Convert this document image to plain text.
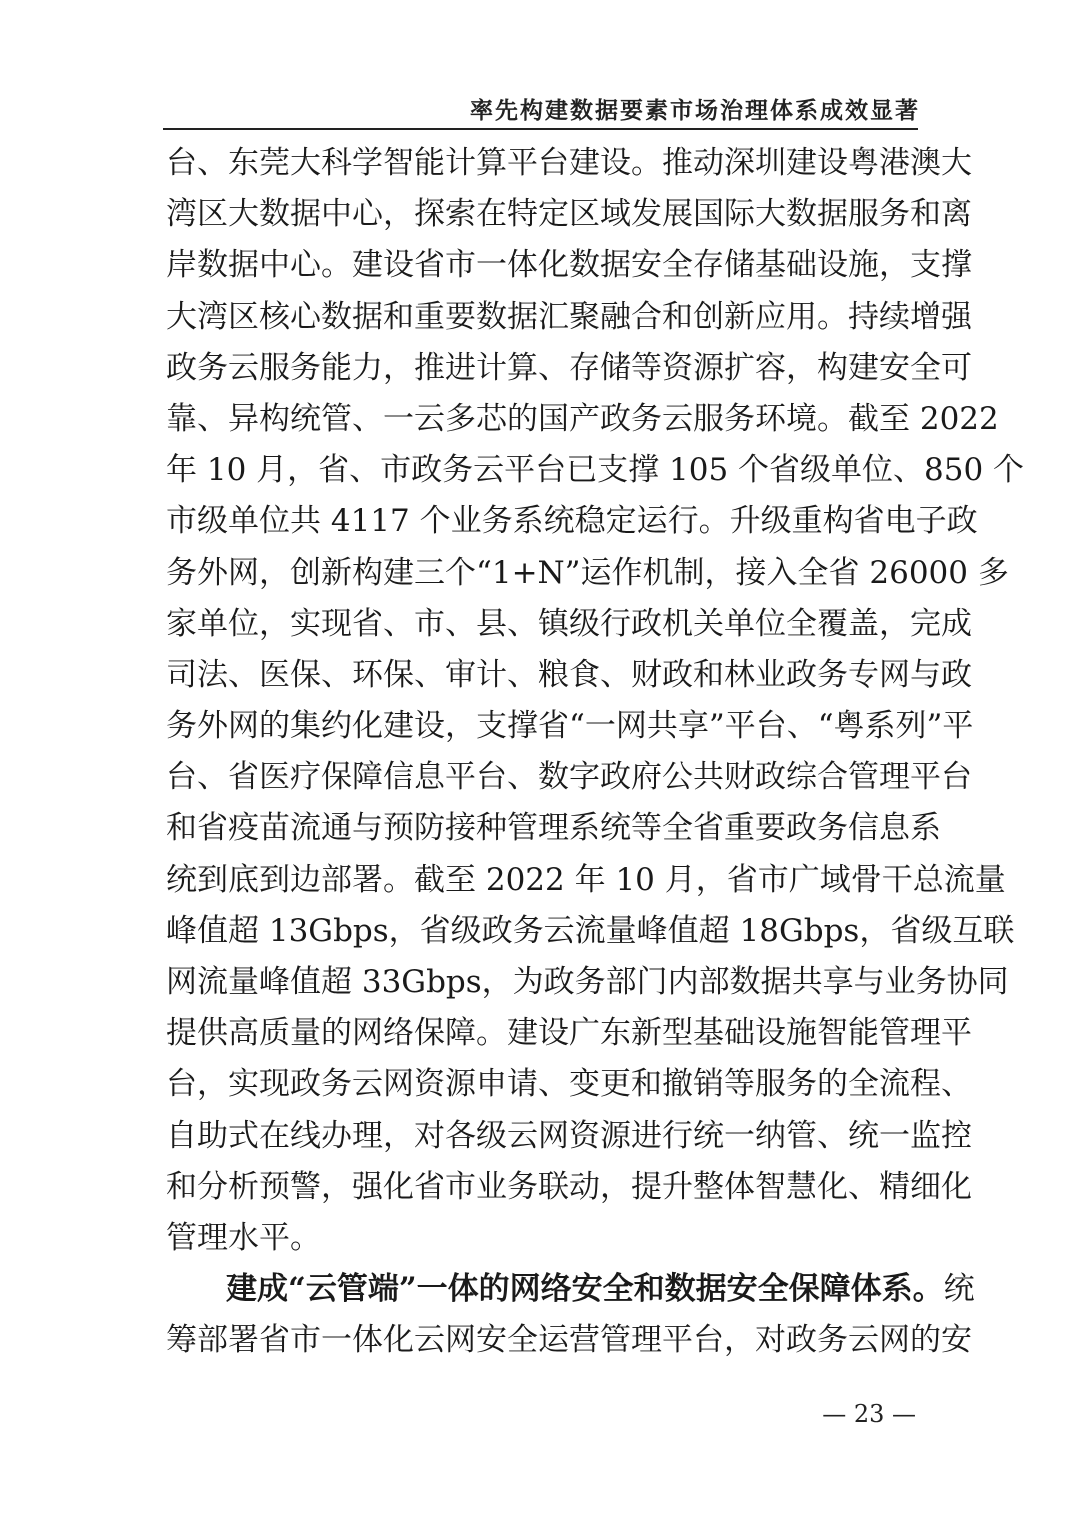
率先构建数据要素市场治理体系成效显著
台、东莞大科学智能计算平台建设。推动深圳建设粤港澳大
湾区大数据中心，探索在特定区域发展国际大数据服务和离
岸数据中心。建设省市一体化数据安全存储基础设施，支撑
大湾区核心数据和重要数据汇聚融合和创新应用。持续增强
政务云服务能力，推进计算、存储等资源扩容，构建安全可
靠、异构统管、一云多芯的国产政务云服务环境。截至 2022
年 10 月，省、市政务云平台已支撑 105 个省级单位、850 个
市级单位共 4117 个业务系统稳定运行。升级重构省电子政
务外网，创新构建三个“1+N”运作机制，接入全省 26000 多
家单位，实现省、市、县、镇级行政机关单位全覆盖，完成
司法、医保、环保、审计、粮食、财政和林业政务专网与政
务外网的集约化建设，支撑省“一网共享”平台、“粤系列”平
台、省医疗保障信息平台、数字政府公共财政综合管理平台
和省疫苗流通与预防接种管理系统等全省重要政务信息系
统到底到边部署。截至 2022 年 10 月，省市广域骨干总流量
峰值超 13Gbps，省级政务云流量峰值超 18Gbps，省级互联
网流量峰值超 33Gbps，为政务部门内部数据共享与业务协同
提供高质量的网络保障。建设广东新型基础设施智能管理平
台，实现政务云网资源申请、变更和撤销等服务的全流程、
自助式在线办理，对各级云网资源进行统一纳管、统一监控
和分析预警，强化省市业务联动，提升整体智慧化、精细化
管理水平。
建成“云管端”一体的网络安全和数据安全保障体系。统
筹部署省市一体化云网安全运营管理平台，对政务云网的安
— 23 —
